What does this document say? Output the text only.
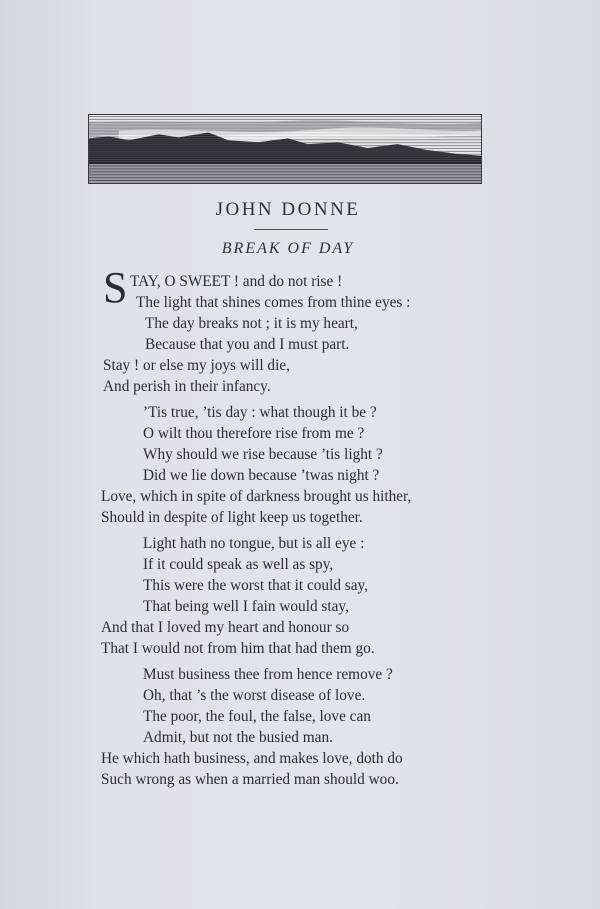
JOHN DONNE
BREAK OF DAY
S TAY, O SWEET ! and do not rise !
The light that shines comes from thine eyes :
The day breaks not ; it is my heart,
Because that you and I must part.
Stay ! or else my joys will die,
And perish in their infancy.
’Tis true, ’tis day : what though it be ?
O wilt thou therefore rise from me ?
Why should we rise because ’tis light ?
Did we lie down because ’twas night ?
Love, which in spite of darkness brought us hither,
Should in despite of light keep us together.
Light hath no tongue, but is all eye :
If it could speak as well as spy,
This were the worst that it could say,
That being well I fain would stay,
And that I loved my heart and honour so
That I would not from him that had them go.
Must business thee from hence remove ?
Oh, that ’s the worst disease of love.
The poor, the foul, the false, love can
Admit, but not the busied man.
He which hath business, and makes love, doth do
Such wrong as when a married man should woo.
